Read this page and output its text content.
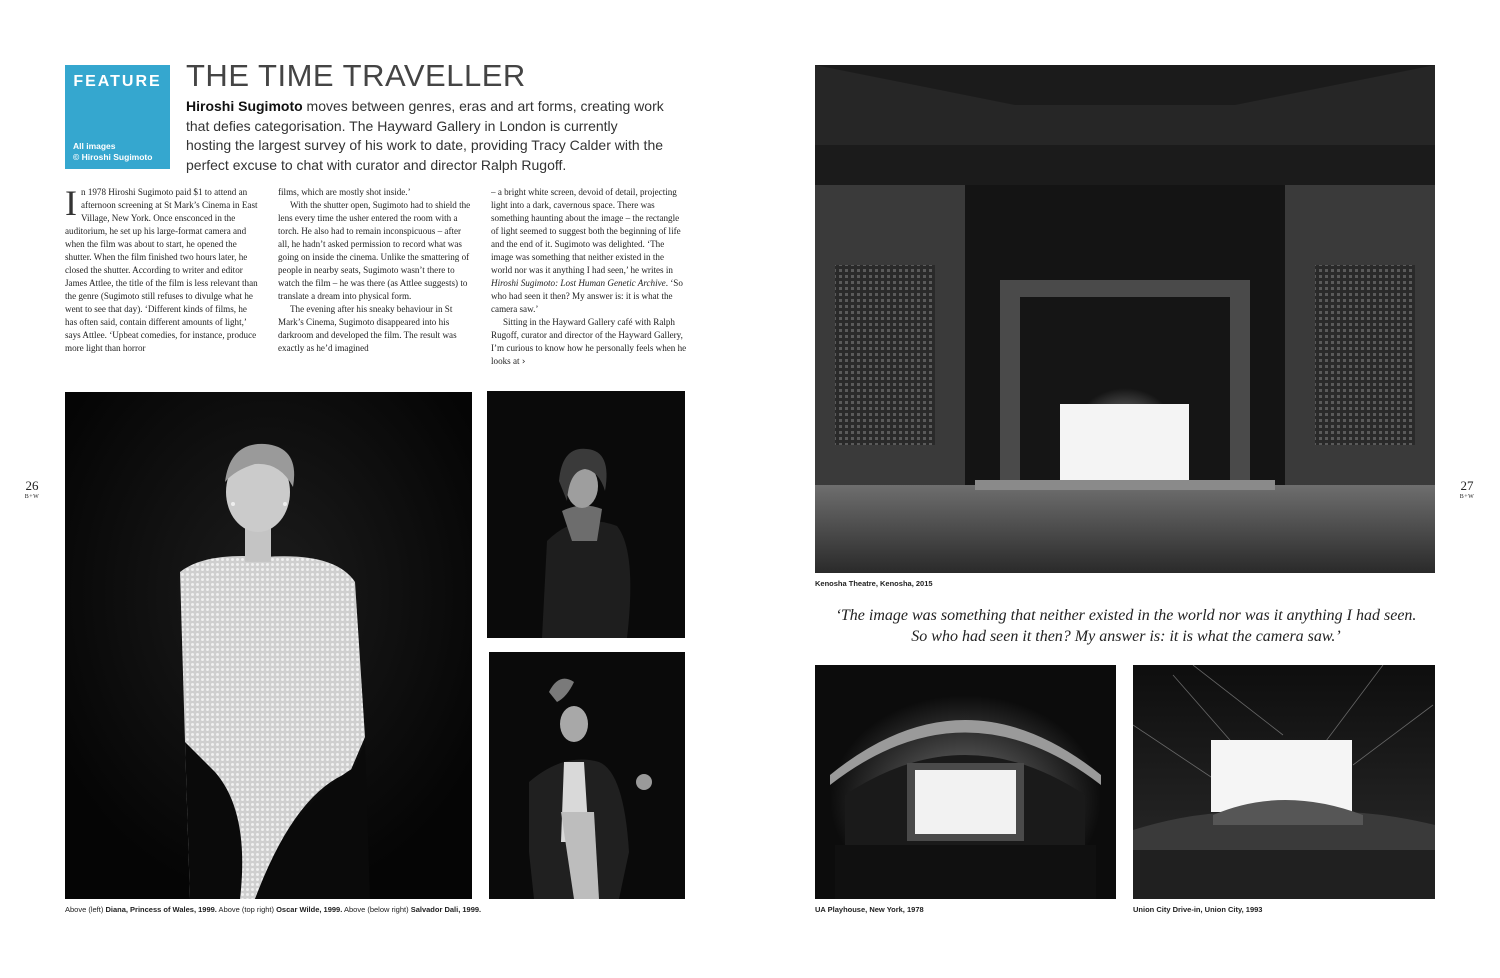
FEATURE
All images
© Hiroshi Sugimoto
THE TIME TRAVELLER

Hiroshi Sugimoto moves between genres, eras and art forms, creating work that defies categorisation. The Hayward Gallery in London is currently hosting the largest survey of his work to date, providing Tracy Calder with the perfect excuse to chat with curator and director Ralph Rugoff.

In 1978 Hiroshi Sugimoto paid $1 to attend an afternoon screening at St Mark’s Cinema in East Village, New York. Once ensconced in the auditorium, he set up his large-format camera and when the film was about to start, he opened the shutter. When the film finished two hours later, he closed the shutter. According to writer and editor James Attlee, the title of the film is less relevant than the genre (Sugimoto still refuses to divulge what he went to see that day). ‘Different kinds of films, he has often said, contain different amounts of light,’ says Attlee. ‘Upbeat comedies, for instance, produce more light than horror

films, which are mostly shot inside.’

With the shutter open, Sugimoto had to shield the lens every time the usher entered the room with a torch. He also had to remain inconspicuous – after all, he hadn’t asked permission to record what was going on inside the cinema. Unlike the smattering of people in nearby seats, Sugimoto wasn’t there to watch the film – he was there (as Attlee suggests) to translate a dream into physical form.

The evening after his sneaky behaviour in St Mark’s Cinema, Sugimoto disappeared into his darkroom and developed the film. The result was exactly as he’d imagined

– a bright white screen, devoid of detail, projecting light into a dark, cavernous space. There was something haunting about the image – the rectangle of light seemed to suggest both the beginning of life and the end of it. Sugimoto was delighted. ‘The image was something that neither existed in the world nor was it anything I had seen,’ he writes in Hiroshi Sugimoto: Lost Human Genetic Archive. ‘So who had seen it then? My answer is: it is what the camera saw.’

Sitting in the Hayward Gallery café with Ralph Rugoff, curator and director of the Hayward Gallery, I’m curious to know how he personally feels when he looks at ›

Above (left) Diana, Princess of Wales, 1999. Above (top right) Oscar Wilde, 1999. Above (below right) Salvador Dali, 1999.
26
B+W
27
B+W
Kenosha Theatre, Kenosha, 2015
‘The image was something that neither existed in the world nor was it anything I had seen.
So who had seen it then? My answer is: it is what the camera saw.’
UA Playhouse, New York, 1978	Union City Drive-in, Union City, 1993
